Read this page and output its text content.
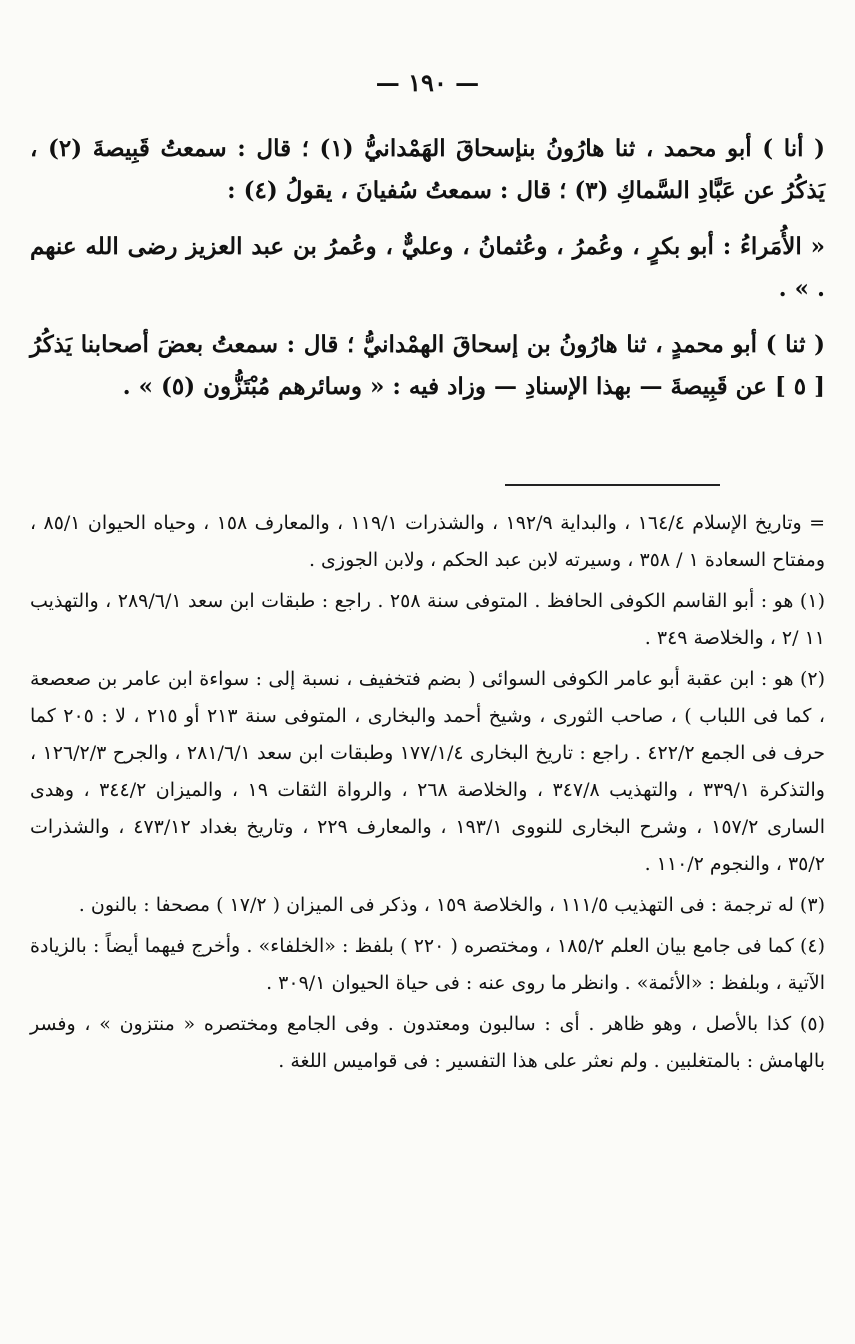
— ١٩٠ —

( أنا ) أبو محمد ، ثنا هارُونُ بنإسحاقَ الهَمْدانيُّ (١) ؛ قال : سمعتُ قَبِيصةَ (٢) ، يَذكُرُ عن عَبَّادِ السَّماكِ (٣) ؛ قال : سمعتُ سُفيانَ ، يقولُ (٤) :

« الأُمَراءُ : أبو بكرٍ ، وعُمرُ ، وعُثمانُ ، وعليٌّ ، وعُمرُ بن عبد العزيز رضى الله عنهم . » .

( ثنا ) أبو محمدٍ ، ثنا هارُونُ بن إسحاقَ الهمْدانيُّ ؛ قال : سمعتُ بعضَ أصحابنا يَذكُرُ [ ٥ ] عن قَبِيصةَ — بهذا الإسنادِ — وزاد فيه : « وسائرهم مُبْتَزُّون (٥) » .

= وتاريخ الإسلام ١٦٤/٤ ، والبداية ١٩٢/٩ ، والشذرات ١١٩/١ ، والمعارف ١٥٨ ، وحياه الحيوان ٨٥/١ ، ومفتاح السعادة ١ / ٣٥٨ ، وسيرته لابن عبد الحكم ، ولابن الجوزى .

(١) هو : أبو القاسم الكوفى الحافظ . المتوفى سنة ٢٥٨ . راجع : طبقات ابن سعد ٢٨٩/٦/١ ، والتهذيب ١١ /٢ ، والخلاصة ٣٤٩ .

(٢) هو : ابن عقبة أبو عامر الكوفى السوائى ( بضم فتخفيف ، نسبة إلى : سواءة ابن عامر بن صعصعة ، كما فى اللباب ) ، صاحب الثورى ، وشيخ أحمد والبخارى ، المتوفى سنة ٢١٣ أو ٢١٥ ، لا : ٢٠٥ كما حرف فى الجمع ٤٢٢/٢ . راجع : تاريخ البخارى ١٧٧/١/٤ وطبقات ابن سعد ٢٨١/٦/١ ، والجرح ١٢٦/٢/٣ ، والتذكرة ٣٣٩/١ ، والتهذيب ٣٤٧/٨ ، والخلاصة ٢٦٨ ، والرواة الثقات ١٩ ، والميزان ٣٤٤/٢ ، وهدى السارى ١٥٧/٢ ، وشرح البخارى للنووى ١٩٣/١ ، والمعارف ٢٢٩ ، وتاريخ بغداد ٤٧٣/١٢ ، والشذرات ٣٥/٢ ، والنجوم ١١٠/٢ .

(٣) له ترجمة : فى التهذيب ١١١/٥ ، والخلاصة ١٥٩ ، وذكر فى الميزان ( ١٧/٢ ) مصحفا : بالنون .

(٤) كما فى جامع بيان العلم ١٨٥/٢ ، ومختصره ( ٢٢٠ ) بلفظ : «الخلفاء» . وأخرج فيهما أيضاً : بالزيادة الآتية ، وبلفظ : «الأئمة» . وانظر ما روى عنه : فى حياة الحيوان ٣٠٩/١ .

(٥) كذا بالأصل ، وهو ظاهر . أى : سالبون ومعتدون . وفى الجامع ومختصره « منتزون » ، وفسر بالهامش : بالمتغلبين . ولم نعثر على هذا التفسير : فى قواميس اللغة .
